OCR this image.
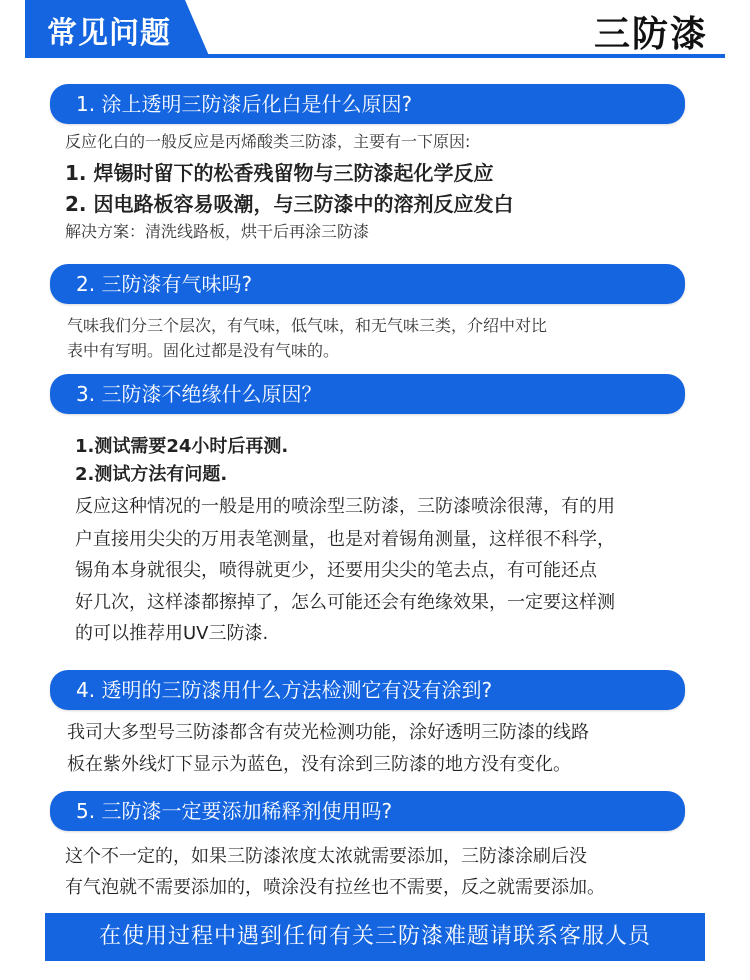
常见问题	三防漆
1. 涂上透明三防漆后化白是什么原因?
反应化白的一般反应是丙烯酸类三防漆，主要有一下原因:
1. 焊锡时留下的松香残留物与三防漆起化学反应
2. 因电路板容易吸潮，与三防漆中的溶剂反应发白
解决方案：清洗线路板，烘干后再涂三防漆
2. 三防漆有气味吗?
气味我们分三个层次，有气味，低气味，和无气味三类，介绍中对比
表中有写明。固化过都是没有气味的。
3. 三防漆不绝缘什么原因？
1.测试需要24小时后再测.
2.测试方法有问题.
反应这种情况的一般是用的喷涂型三防漆，三防漆喷涂很薄，有的用
户直接用尖尖的万用表笔测量，也是对着锡角测量，这样很不科学，
锡角本身就很尖，喷得就更少，还要用尖尖的笔去点，有可能还点
好几次，这样漆都擦掉了，怎么可能还会有绝缘效果，一定要这样测
的可以推荐用UV三防漆.
4. 透明的三防漆用什么方法检测它有没有涂到?
我司大多型号三防漆都含有荧光检测功能，涂好透明三防漆的线路
板在紫外线灯下显示为蓝色，没有涂到三防漆的地方没有变化。
5. 三防漆一定要添加稀释剂使用吗?
这个不一定的，如果三防漆浓度太浓就需要添加，三防漆涂刷后没
有气泡就不需要添加的，喷涂没有拉丝也不需要，反之就需要添加。
在使用过程中遇到任何有关三防漆难题请联系客服人员
